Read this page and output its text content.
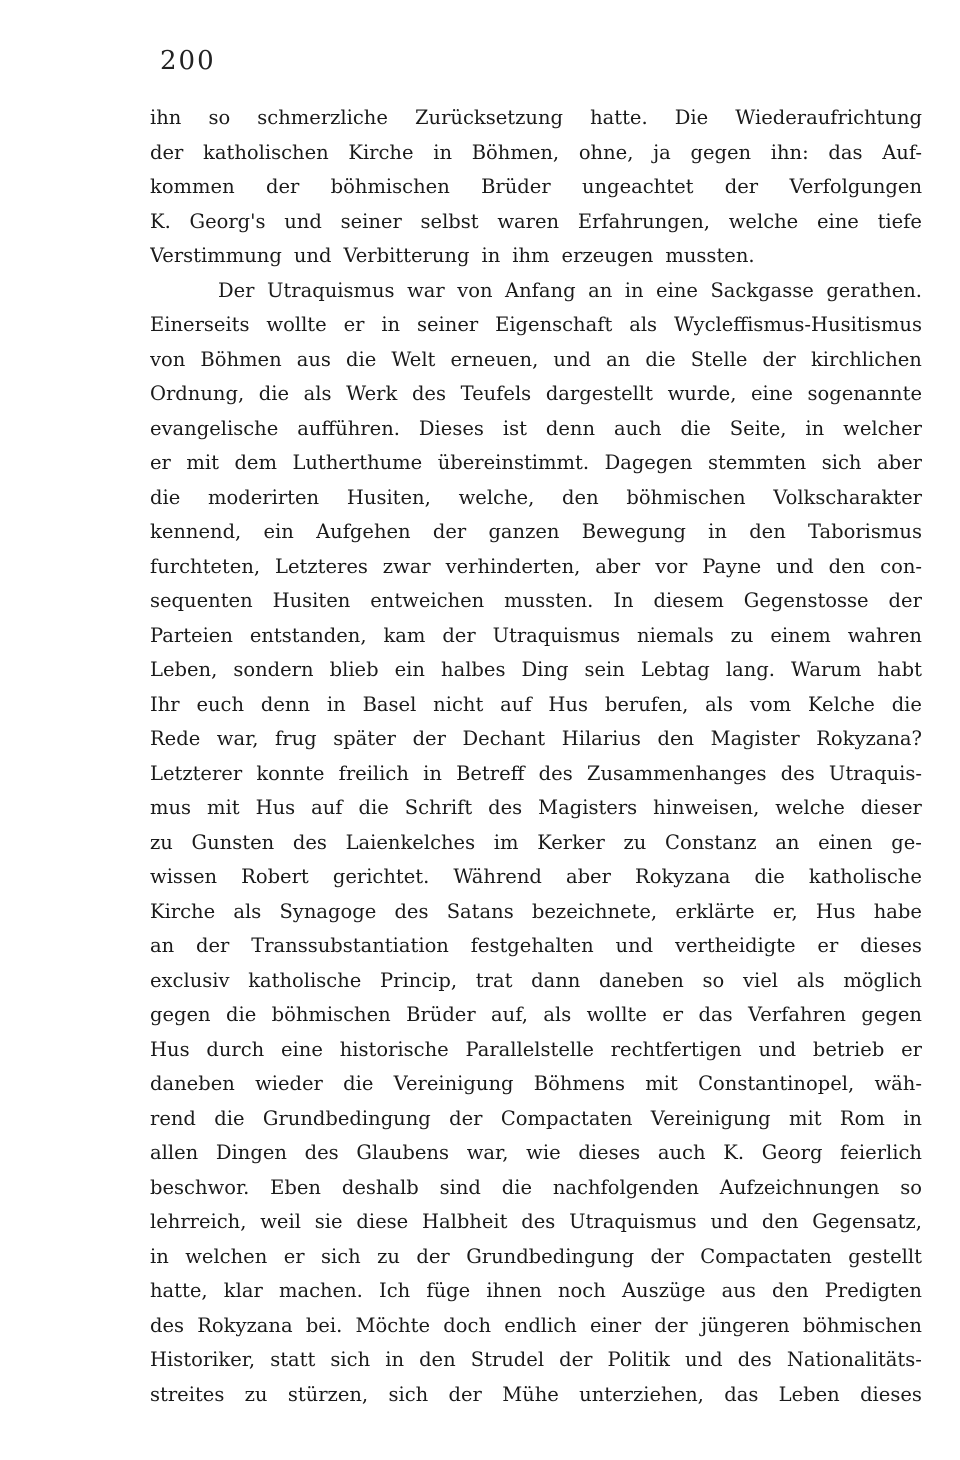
200
ihn so schmerzliche Zurücksetzung hatte. Die Wiederaufrichtung
der katholischen Kirche in Böhmen, ohne, ja gegen ihn: das Auf-
kommen der böhmischen Brüder ungeachtet der Verfolgungen
K. Georg's und seiner selbst waren Erfahrungen, welche eine tiefe
Verstimmung und Verbitterung in ihm erzeugen mussten.
Der Utraquismus war von Anfang an in eine Sackgasse gerathen.
Einerseits wollte er in seiner Eigenschaft als Wycleffismus-Husitismus
von Böhmen aus die Welt erneuen, und an die Stelle der kirchlichen
Ordnung, die als Werk des Teufels dargestellt wurde, eine sogenannte
evangelische aufführen. Dieses ist denn auch die Seite, in welcher
er mit dem Lutherthume übereinstimmt. Dagegen stemmten sich aber
die moderirten Husiten, welche, den böhmischen Volkscharakter
kennend, ein Aufgehen der ganzen Bewegung in den Taborismus
furchteten, Letzteres zwar verhinderten, aber vor Payne und den con-
sequenten Husiten entweichen mussten. In diesem Gegenstosse der
Parteien entstanden, kam der Utraquismus niemals zu einem wahren
Leben, sondern blieb ein halbes Ding sein Lebtag lang. Warum habt
Ihr euch denn in Basel nicht auf Hus berufen, als vom Kelche die
Rede war, frug später der Dechant Hilarius den Magister Rokyzana?
Letzterer konnte freilich in Betreff des Zusammenhanges des Utraquis-
mus mit Hus auf die Schrift des Magisters hinweisen, welche dieser
zu Gunsten des Laienkelches im Kerker zu Constanz an einen ge-
wissen Robert gerichtet. Während aber Rokyzana die katholische
Kirche als Synagoge des Satans bezeichnete, erklärte er, Hus habe
an der Transsubstantiation festgehalten und vertheidigte er dieses
exclusiv katholische Princip, trat dann daneben so viel als möglich
gegen die böhmischen Brüder auf, als wollte er das Verfahren gegen
Hus durch eine historische Parallelstelle rechtfertigen und betrieb er
daneben wieder die Vereinigung Böhmens mit Constantinopel, wäh-
rend die Grundbedingung der Compactaten Vereinigung mit Rom in
allen Dingen des Glaubens war, wie dieses auch K. Georg feierlich
beschwor. Eben deshalb sind die nachfolgenden Aufzeichnungen so
lehrreich, weil sie diese Halbheit des Utraquismus und den Gegensatz,
in welchen er sich zu der Grundbedingung der Compactaten gestellt
hatte, klar machen. Ich füge ihnen noch Auszüge aus den Predigten
des Rokyzana bei. Möchte doch endlich einer der jüngeren böhmischen
Historiker, statt sich in den Strudel der Politik und des Nationalitäts-
streites zu stürzen, sich der Mühe unterziehen, das Leben dieses
